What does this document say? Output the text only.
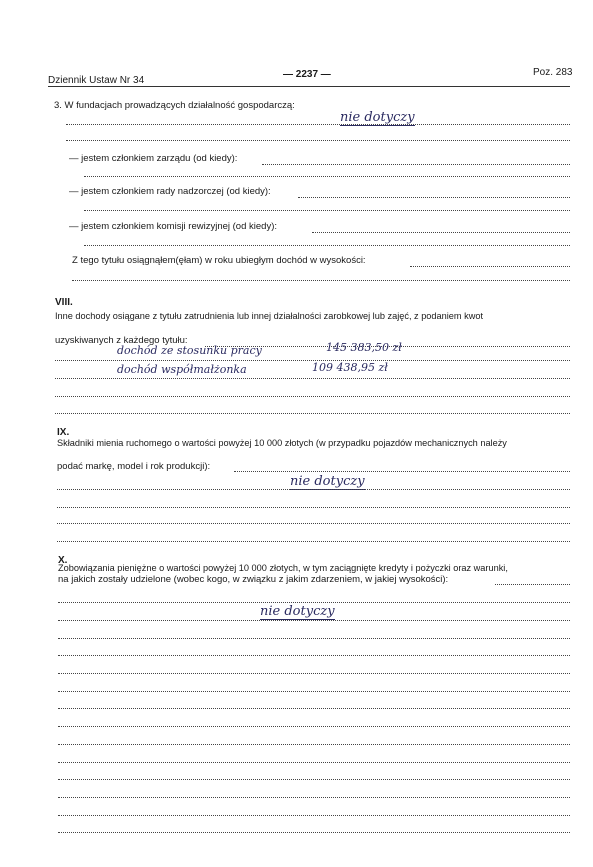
Dziennik Ustaw Nr 34
— 2237 —	Poz. 283
3. W fundacjach prowadzących działalność gospodarczą:
nie dotyczy
— jestem członkiem zarządu (od kiedy):
— jestem członkiem rady nadzorczej (od kiedy):
— jestem członkiem komisji rewizyjnej (od kiedy):
Z tego tytułu osiągnąłem(ęłam) w roku ubiegłym dochód w wysokości:
VIII.
Inne dochody osiągane z tytułu zatrudnienia lub innej działalności zarobkowej lub zajęć, z podaniem kwot
uzyskiwanych z każdego tytułu:
dochód ze stosunku pracy	145 383,50 zł
dochód współmałżonka	109 438,95 zł
IX.
Składniki mienia ruchomego o wartości powyżej 10 000 złotych (w przypadku pojazdów mechanicznych należy
podać markę, model i rok produkcji):
nie dotyczy
X.
Zobowiązania pieniężne o wartości powyżej 10 000 złotych, w tym zaciągnięte kredyty i pożyczki oraz warunki,
na jakich zostały udzielone (wobec kogo, w związku z jakim zdarzeniem, w jakiej wysokości):
nie dotyczy
